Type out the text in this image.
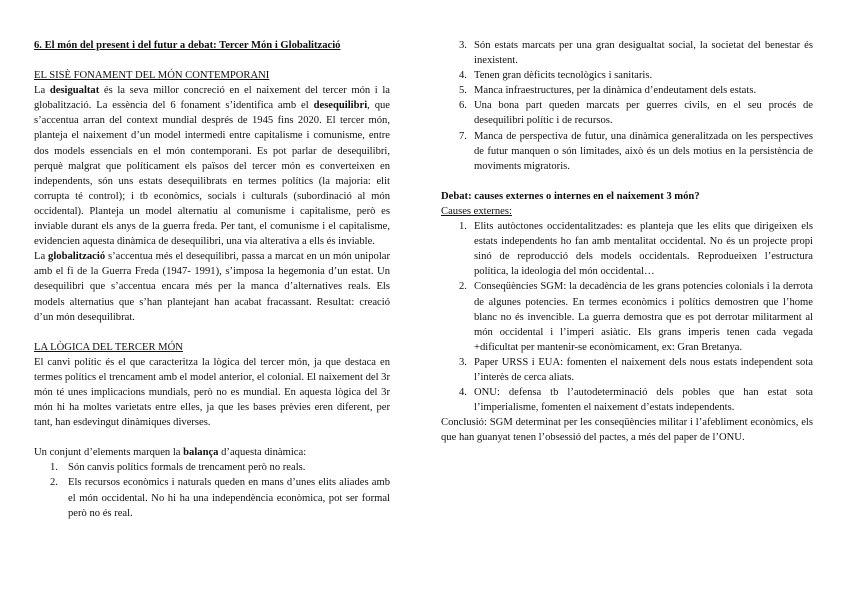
6. El món del present i del futur a debat: Tercer Món i Globalització

EL SISÈ FONAMENT DEL MÓN CONTEMPORANI

La desigualtat és la seva millor concreció en el naixement del tercer món i la globalització. La essència del 6 fonament s’identifica amb el desequilibri, que s’accentua arran del context mundial després de 1945 fins 2020. El tercer món, planteja el naixement d’un model intermedi entre capitalisme i comunisme, entre dos models essencials en el món contemporani. Es pot parlar de desequilibri, perquè malgrat que políticament els països del tercer món es converteixen en independents, són uns estats desequilibrats en termes polítics (la majoria: elit corrupta té control); i tb econòmics, socials i culturals (subordinació al món occidental). Planteja un model alternatiu al comunisme i capitalisme, però es inviable durant els anys de la guerra freda. Per tant, el comunisme i el capitalisme, evidencien aquesta dinàmica de desequilibri, una via alterativa a ells és inviable.

La globalització s’accentua més el desequilibri, passa a marcat en un món unipolar amb el fi de la Guerra Freda (1947- 1991), s’imposa la hegemonia d’un estat. Un desequilibri que s’accentua encara més per la manca d’alternatives reals. Els models alternatius que s’han plantejant han acabat fracassant. Resultat: creació d’un món desequilibrat.

LA LÒGICA DEL TERCER MÓN

El canvi polític és el que caracteritza la lògica del tercer món, ja que destaca en termes polítics el trencament amb el model anterior, el colonial. El naixement del 3r món té unes implicacions mundials, però no es mundial. En aquesta lògica del 3r món hi ha moltes varietats entre elles, ja que les bases prèvies eren diferent, per tant, han esdevingut dinàmiques diverses.

Un conjunt d’elements marquen la balança d’aquesta dinàmica:

1. Són canvis polítics formals de trencament però no reals.
2. Els recursos econòmics i naturals queden en mans d’unes elits aliades amb el món occidental. No hi ha una independència econòmica, pot ser formal però no és real.
3. Són estats marcats per una gran desigualtat social, la societat del benestar és inexistent.
4. Tenen gran dèficits tecnològics i sanitaris.
5. Manca infraestructures, per la dinàmica d’endeutament dels estats.
6. Una bona part queden marcats per guerres civils, en el seu procés de desequilibri polític i de recursos.
7. Manca de perspectiva de futur, una dinàmica generalitzada on les perspectives de futur manquen o són limitades, això és un dels motius en la persistència de moviments migratoris.

Debat: causes externes o internes en el naixement 3 món?

Causes externes:

1. Elits autòctones occidentalitzades: es planteja que les elits que dirigeixen els estats independents ho fan amb mentalitat occidental. No és un projecte propi sinó de reproducció dels models occidentals. Reprodueixen l’estructura política, la ideologia del món occidental…
2. Conseqüències SGM: la decadència de les grans potencies colonials i la derrota de algunes potencies. En termes econòmics i polítics demostren que l’home blanc no és invencible. La guerra demostra que es pot derrotar militarment al món occidental i l’imperi asiàtic. Els grans imperis tenen cada vegada +dificultat per mantenir-se econòmicament, ex: Gran Bretanya.
3. Paper URSS i EUA: fomenten el naixement dels nous estats independent sota l’interès de cerca aliats.
4. ONU: defensa tb l’autodeterminació dels pobles que han estat sota l’imperialisme, fomenten el naixement d’estats independents.

Conclusió: SGM determinat per les conseqüències militar i l’afebliment econòmics, els que han guanyat tenen l’obsessió del pactes, a més del paper de l’ONU.
